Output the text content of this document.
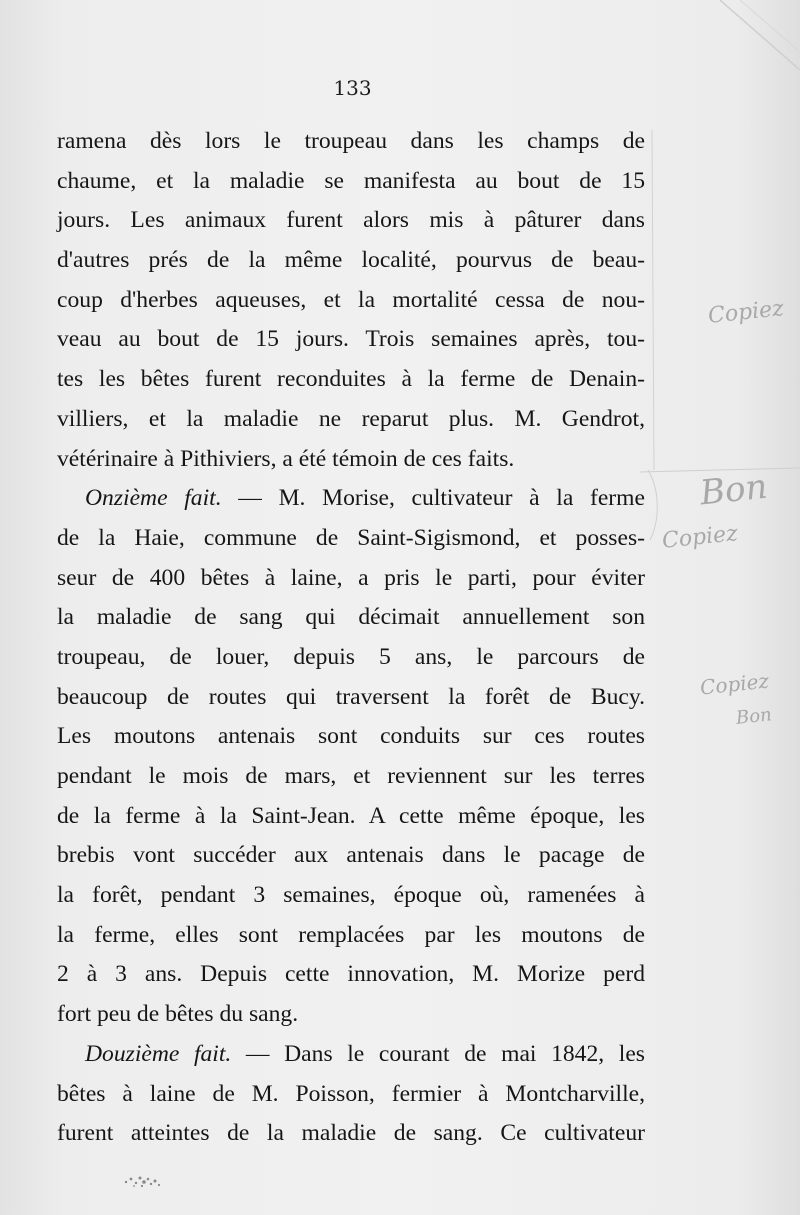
133
ramena dès lors le troupeau dans les champs de
chaume, et la maladie se manifesta au bout de 15
jours. Les animaux furent alors mis à pâturer dans
d'autres prés de la même localité, pourvus de beau-
coup d'herbes aqueuses, et la mortalité cessa de nou-
veau au bout de 15 jours. Trois semaines après, tou-
tes les bêtes furent reconduites à la ferme de Denain-
villiers, et la maladie ne reparut plus. M. Gendrot,
vétérinaire à Pithiviers, a été témoin de ces faits.
Onzième fait. — M. Morise, cultivateur à la ferme
de la Haie, commune de Saint-Sigismond, et posses-
seur de 400 bêtes à laine, a pris le parti, pour éviter
la maladie de sang qui décimait annuellement son
troupeau, de louer, depuis 5 ans, le parcours de
beaucoup de routes qui traversent la forêt de Bucy.
Les moutons antenais sont conduits sur ces routes
pendant le mois de mars, et reviennent sur les terres
de la ferme à la Saint-Jean. A cette même époque, les
brebis vont succéder aux antenais dans le pacage de
la forêt, pendant 3 semaines, époque où, ramenées à
la ferme, elles sont remplacées par les moutons de
2 à 3 ans. Depuis cette innovation, M. Morize perd
fort peu de bêtes du sang.
Douzième fait. — Dans le courant de mai 1842, les
bêtes à laine de M. Poisson, fermier à Montcharville,
furent atteintes de la maladie de sang. Ce cultivateur
Copiez
Bon
Copiez
Copiez
Bon
